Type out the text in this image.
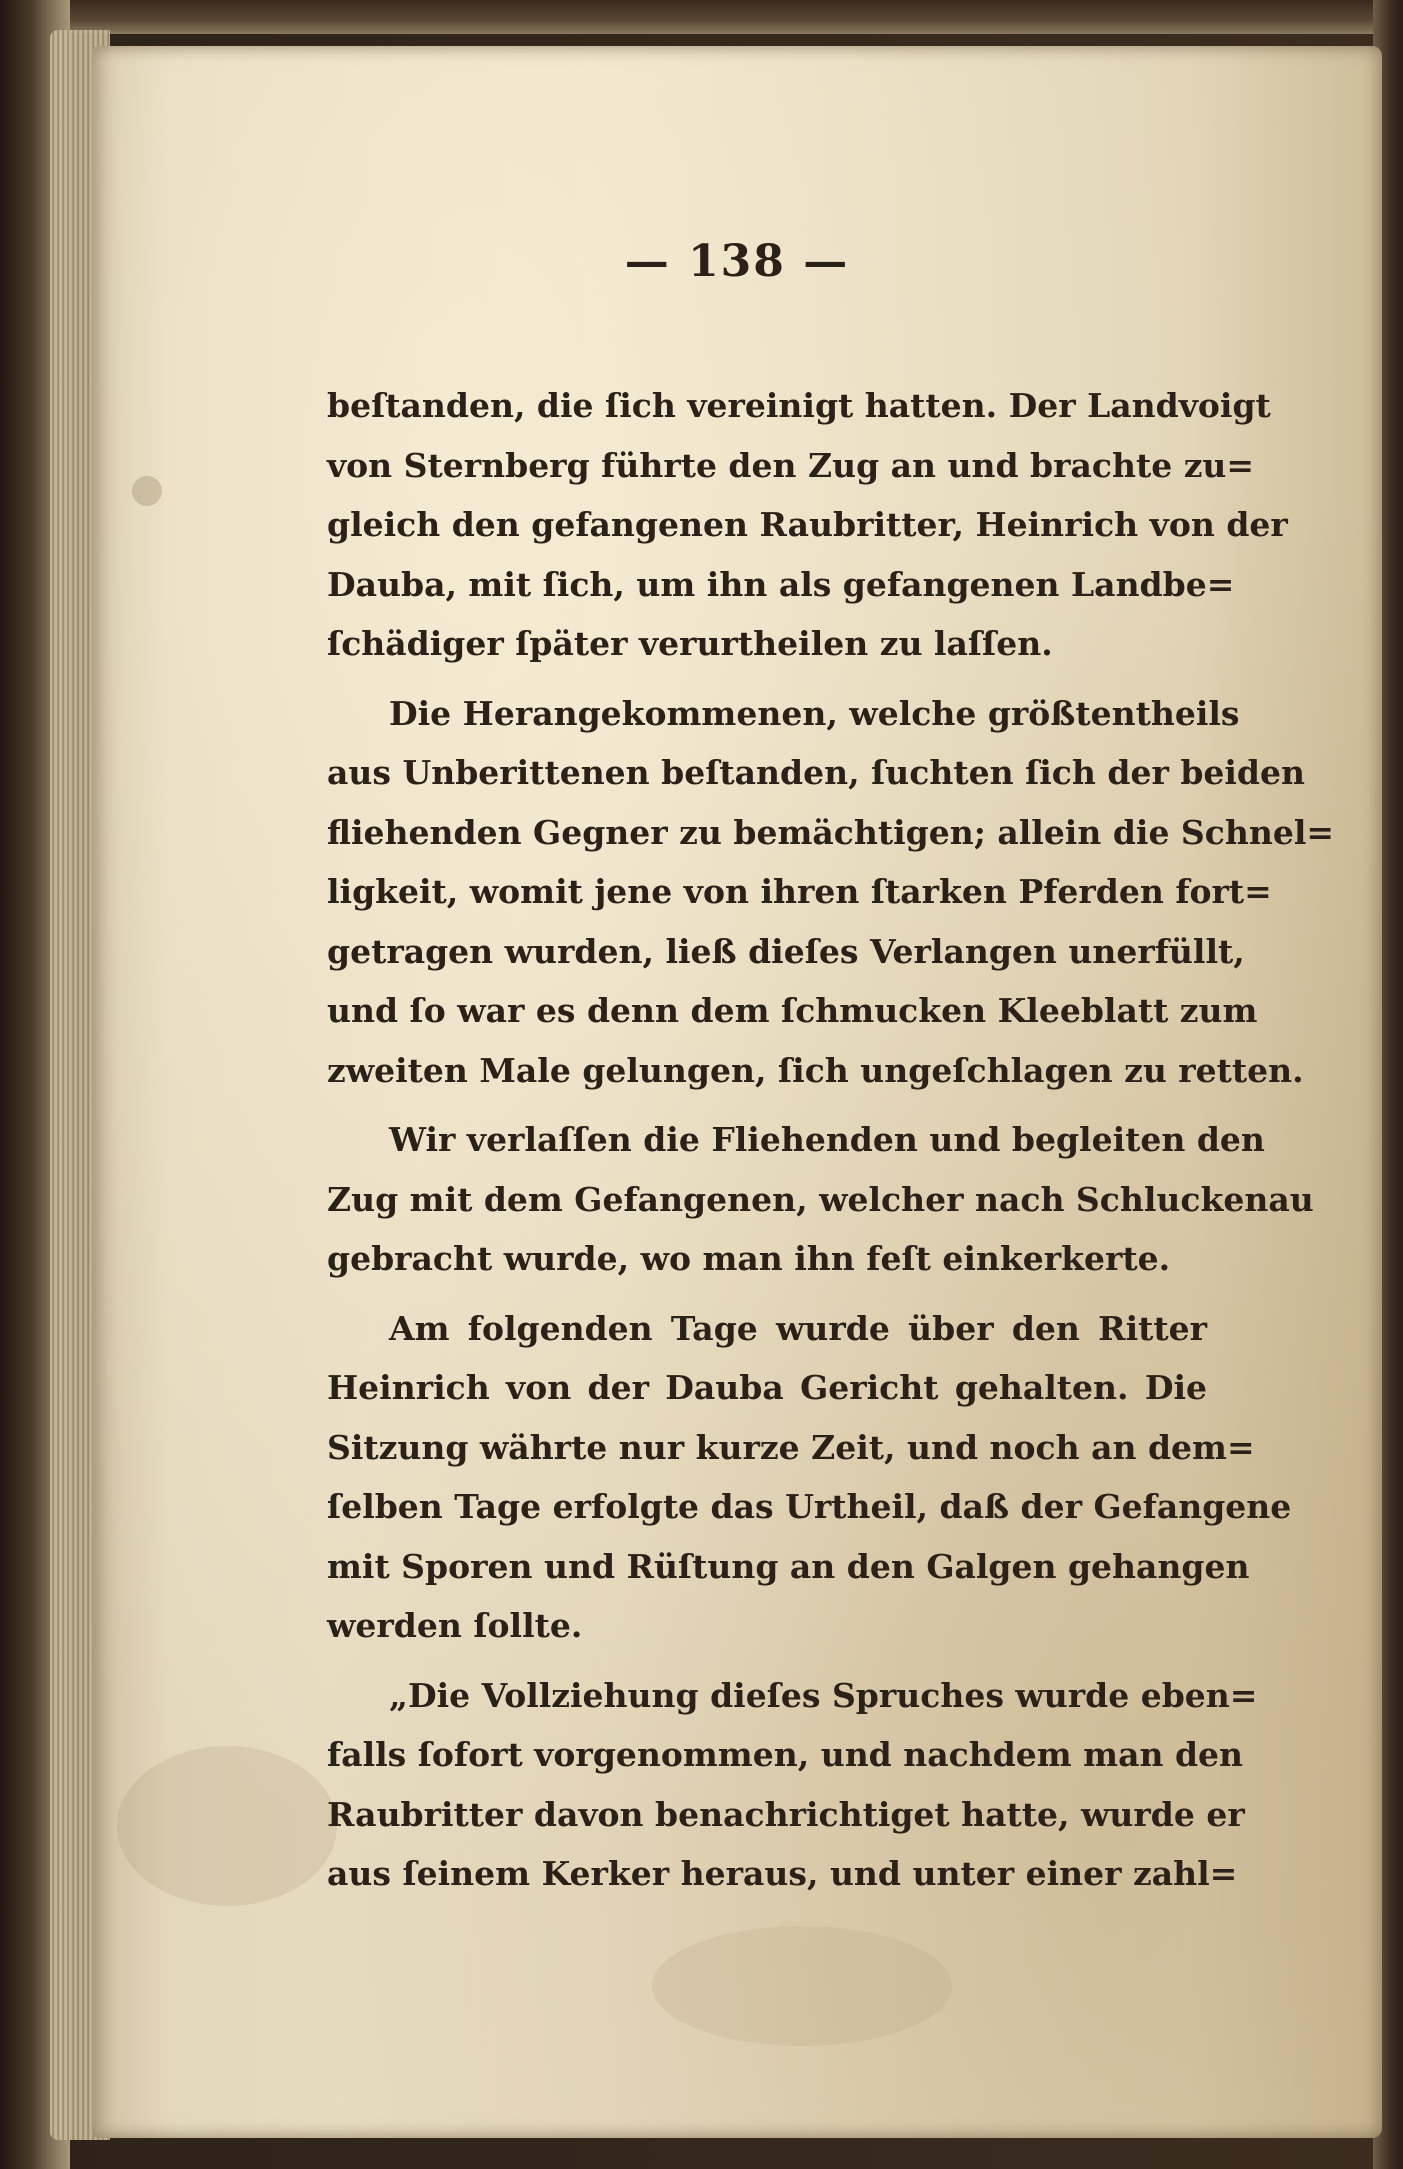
— 138 —
beſtanden, die ſich vereinigt hatten. Der Landvoigt
von Sternberg führte den Zug an und brachte zu=
gleich den gefangenen Raubritter, Heinrich von der
Dauba, mit ſich, um ihn als gefangenen Landbe=
ſchädiger ſpäter verurtheilen zu laſſen.
Die Herangekommenen, welche größtentheils
aus Unberittenen beſtanden, ſuchten ſich der beiden
fliehenden Gegner zu bemächtigen; allein die Schnel=
ligkeit, womit jene von ihren ſtarken Pferden fort=
getragen wurden, ließ dieſes Verlangen unerfüllt,
und ſo war es denn dem ſchmucken Kleeblatt zum
zweiten Male gelungen, ſich ungeſchlagen zu retten.
Wir verlaſſen die Fliehenden und begleiten den
Zug mit dem Gefangenen, welcher nach Schluckenau
gebracht wurde, wo man ihn feſt einkerkerte.
Am folgenden Tage wurde über den Ritter
Heinrich von der Dauba Gericht gehalten. Die
Sitzung währte nur kurze Zeit, und noch an dem=
ſelben Tage erfolgte das Urtheil, daß der Gefangene
mit Sporen und Rüſtung an den Galgen gehangen
werden ſollte.
„Die Vollziehung dieſes Spruches wurde eben=
falls ſofort vorgenommen, und nachdem man den
Raubritter davon benachrichtiget hatte, wurde er
aus ſeinem Kerker heraus, und unter einer zahl=
